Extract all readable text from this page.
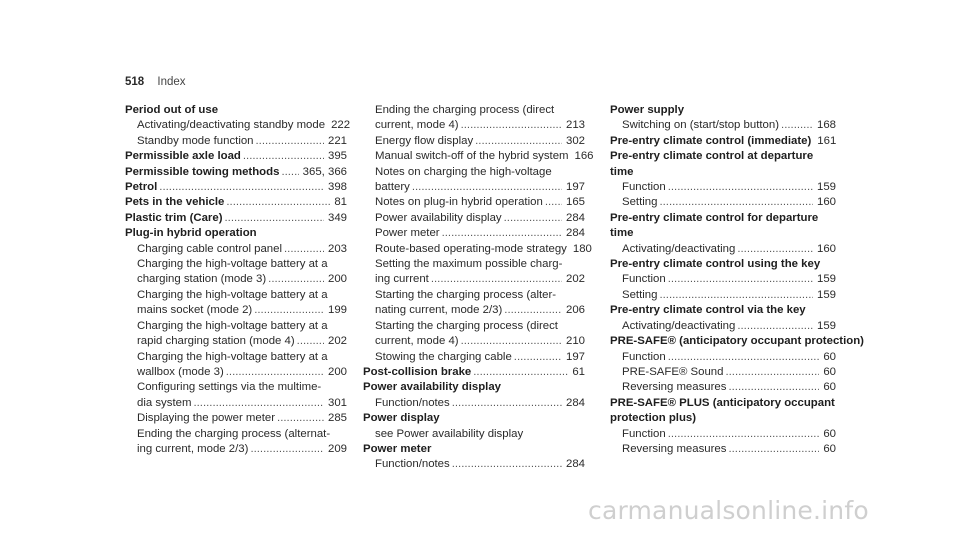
518 Index
Period out of use
Activating/deactivating standby mode 222
Standby mode function .....	221
Permissible axle load .....	395
Permissible towing methods ..... 365, 366
Petrol .....	398
Pets in the vehicle .....	81
Plastic trim (Care) .....	349
Plug-in hybrid operation
Charging cable control panel .....	203
Charging the high-voltage battery at a
charging station (mode 3) .....	200
Charging the high-voltage battery at a
mains socket (mode 2) .....	199
Charging the high-voltage battery at a
rapid charging station (mode 4) .....	202
Charging the high-voltage battery at a
wallbox (mode 3) .....	200
Configuring settings via the multime-
dia system .....	301
Displaying the power meter .....	285
Ending the charging process (alternat-
ing current, mode 2/3) .....	209
Ending the charging process (direct
current, mode 4) .....	213
Energy flow display .....	302
Manual switch-off of the hybrid system 166
Notes on charging the high-voltage
battery .....	197
Notes on plug-in hybrid operation ..... 165
Power availability display .....	284
Power meter .....	284
Route-based operating-mode strategy 180
Setting the maximum possible charg-
ing current .....	202
Starting the charging process (alter-
nating current, mode 2/3) .....	206
Starting the charging process (direct
current, mode 4) .....	210
Stowing the charging cable .....	197
Post-collision brake .....	61
Power availability display
Function/notes .....	284
Power display
see Power availability display
Power meter
Function/notes .....	284
Power supply
Switching on (start/stop button) .....	168
Pre-entry climate control (immediate) 161
Pre-entry climate control at departure
time
Function .....	159
Setting .....	160
Pre-entry climate control for departure
time
Activating/deactivating .....	160
Pre-entry climate control using the key
Function .....	159
Setting .....	159
Pre-entry climate control via the key
Activating/deactivating .....	159
PRE-SAFE® (anticipatory occupant protection)
Function .....	60
PRE-SAFE® Sound .....	60
Reversing measures .....	60
PRE-SAFE® PLUS (anticipatory occupant
protection plus)
Function .....	60
Reversing measures .....	60
carmanualsonline.info
